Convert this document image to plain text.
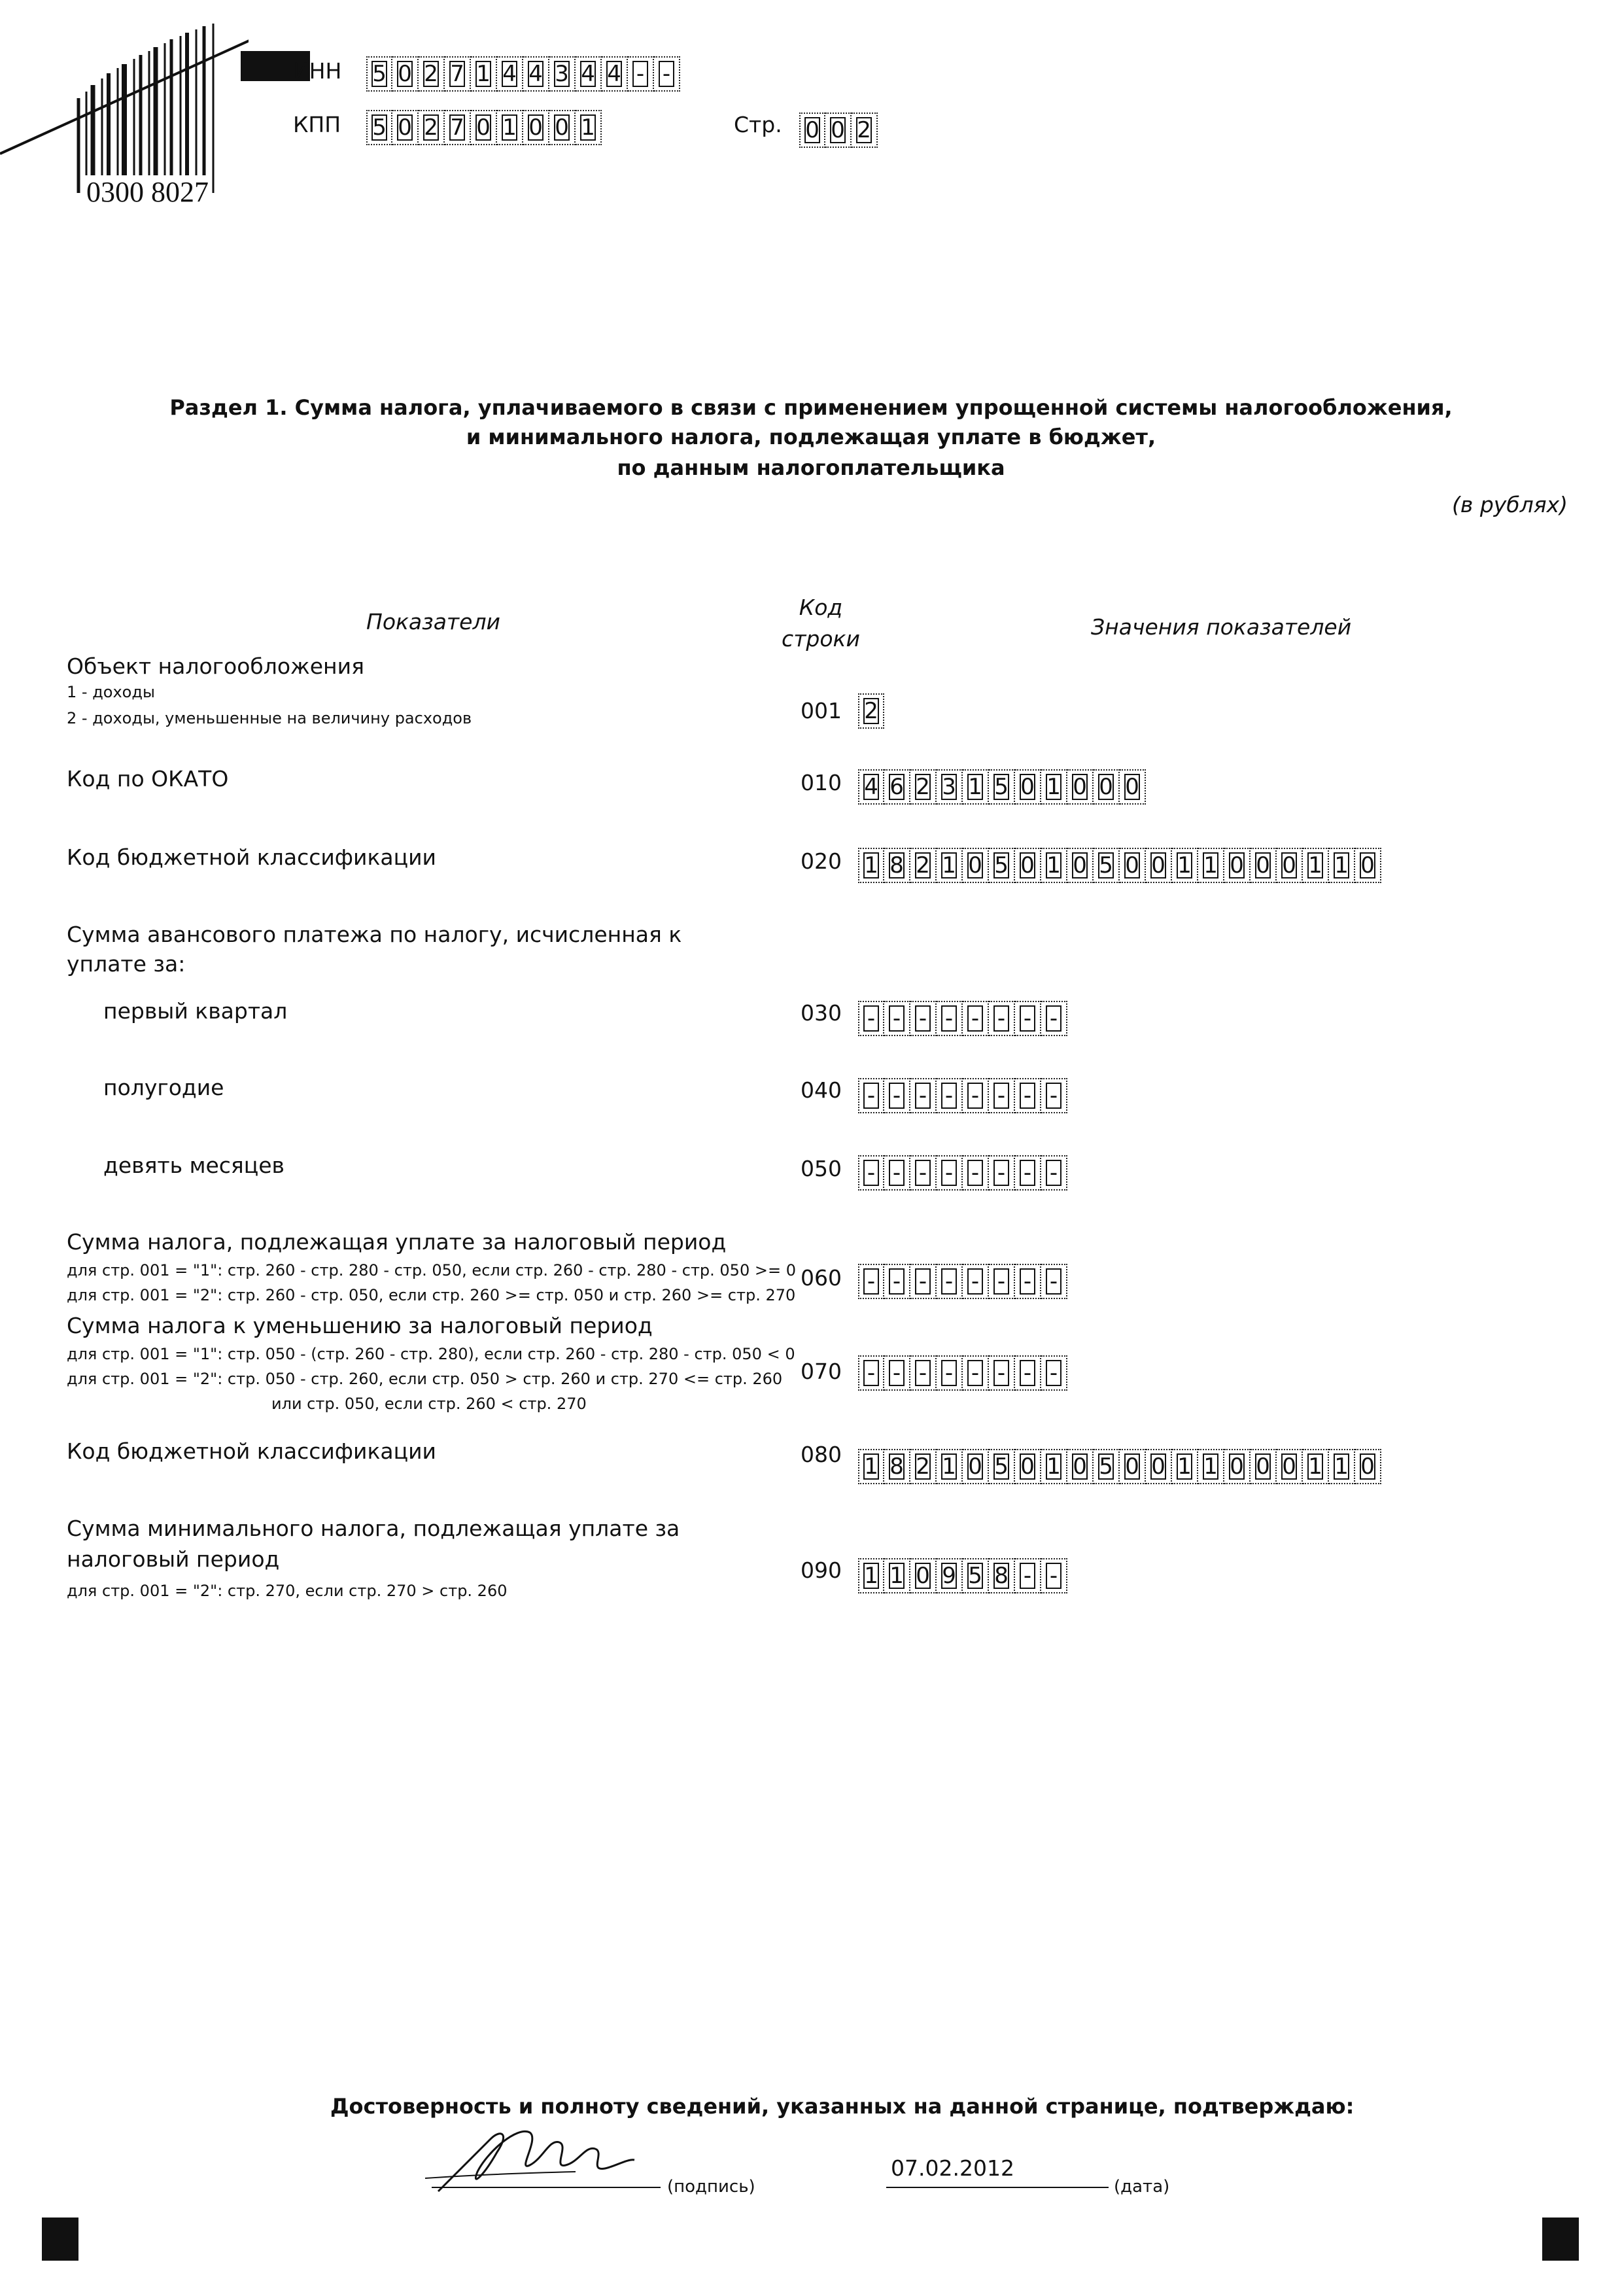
0300 8027
ИНН 5 0 2 7 1 4 4 3 4 4 - -
КПП 5 0 2 7 0 1 0 0 1	Стр. 0 0 2
Раздел 1. Сумма налога, уплачиваемого в связи с применением упрощенной системы налогообложения,
и минимального налога, подлежащая уплате в бюджет,
по данным налогоплательщика
(в рублях)
Показатели
Код
строки	Значения показателей
Объект налогообложения
1 - доходы
2 - доходы, уменьшенные на величину расходов	001 2
Код по ОКАТО	010 4 6 2 3 1 5 0 1 0 0 0
Код бюджетной классификации	020 1 8 2 1 0 5 0 1 0 5 0 0 1 1 0 0 0 1 1 0
Сумма авансового платежа по налогу, исчисленная к
уплате за:
первый квартал	030 - - - - - - - -
полугодие	040 - - - - - - - -
девять месяцев	050 - - - - - - - -
Сумма налога, подлежащая уплате за налоговый период
для стр. 001 = "1": стр. 260 - стр. 280 - стр. 050, если стр. 260 - стр. 280 - стр. 050 >= 0
для стр. 001 = "2": стр. 260 - стр. 050, если стр. 260 >= стр. 050 и стр. 260 >= стр. 270
060 - - - - - - - -
Сумма налога к уменьшению за налоговый период
для стр. 001 = "1": стр. 050 - (стр. 260 - стр. 280), если стр. 260 - стр. 280 - стр. 050 < 0
для стр. 001 = "2": стр. 050 - стр. 260, если стр. 050 > стр. 260 и стр. 270 <= стр. 260
или стр. 050, если стр. 260 < стр. 270
070 - - - - - - - -
Код бюджетной классификации	080 1 8 2 1 0 5 0 1 0 5 0 0 1 1 0 0 0 1 1 0
Сумма минимального налога, подлежащая уплате за
налоговый период
для стр. 001 = "2": стр. 270, если стр. 270 > стр. 260
090 1 1 0 9 5 8 - -
Достоверность и полноту сведений, указанных на данной странице, подтверждаю:
(подпись)
07.02.2012
(дата)
